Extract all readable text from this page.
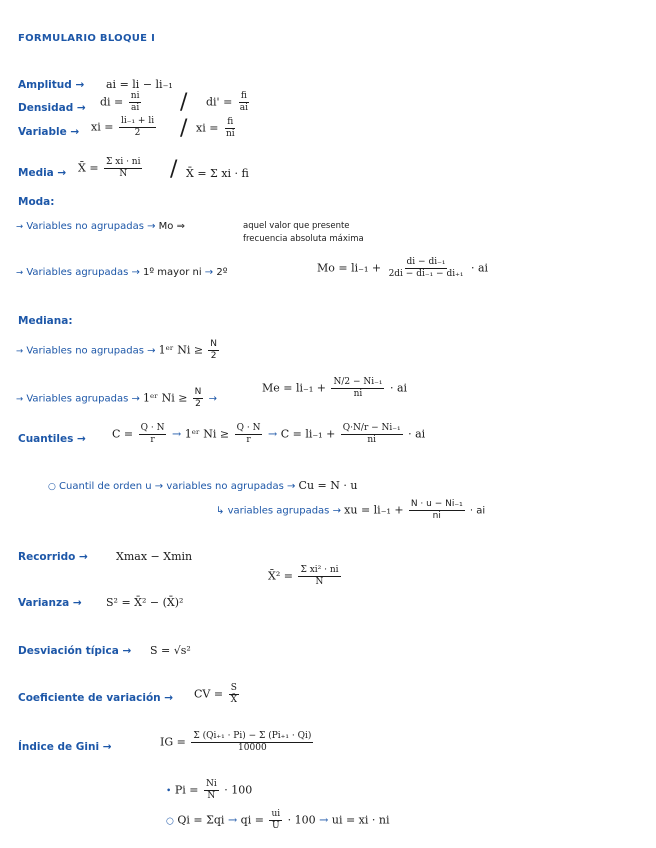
FORMULARIO BLOQUE I
Amplitud → ai = li − li₋₁
Densidad → di = $\frac{ni}{ai} / di' = \frac{fi}{ai}$
Variable → xi = $\frac{\text{li₋₁ + li}}{2}$ / xi = $\frac{fi}{ni}$
Media → X̄ = $\frac{\text{Σ xi · ni}}{N}$ / X̄ = Σ xi · fi
Moda:
→ Variables no agrupadas → Mo ⇒	aquel valor que presente
frecuencia absoluta máxima
→ Variables agrupadas → 1º mayor ni → 2º	$Mo = li_{-1} + \frac{\text{di − di₋₁}}{\text{2di − di₋₁ − di₊₁}}$ · ai
Mediana:
→ Variables no agrupadas → 1ᵉʳ $Ni \ge \frac{N}{2}$
→ Variables agrupadas → 1ᵉʳ $Ni \ge \frac{N}{2}$ →
$Me = li_{-1} + \frac{\text{N/2 − Ni₋₁}}{ni}$ · ai
Cuantiles → $C = \frac{Q \cdot N}{r}$ → 1ᵉʳ $Ni \ge \frac{Q \cdot N}{r} \to C = li_{-1} + \frac{\text{Q·N/r − Ni₋₁}}{ni}$ · ai
○ Cuantil de orden u → variables no agrupadas → Cu = N · u
↳ variables agrupadas → xu = $li_{-1} + \frac{\text{N · u − Ni₋₁}}{ni}$ · ai
Recorrido →	Xmax − Xmin
X̄² = $\frac{\text{Σ xi² · ni}}{N}$
Varianza → S² = X̄² − (X̄)²
Desviación típica → S = √s²
Coeficiente de variación → CV = $\frac{S}{X̄}$
Índice de Gini →	IG = $\frac{\text{Σ (Qi₊₁ · Pi) − Σ (Pi₊₁ · Qi)}}{10000}$
• $Pi = \frac{Ni}{N} \cdot 100$
○ Qi = Σqi → qi = $\frac{ui}{U} \cdot 100$ → ui = xi · ni
